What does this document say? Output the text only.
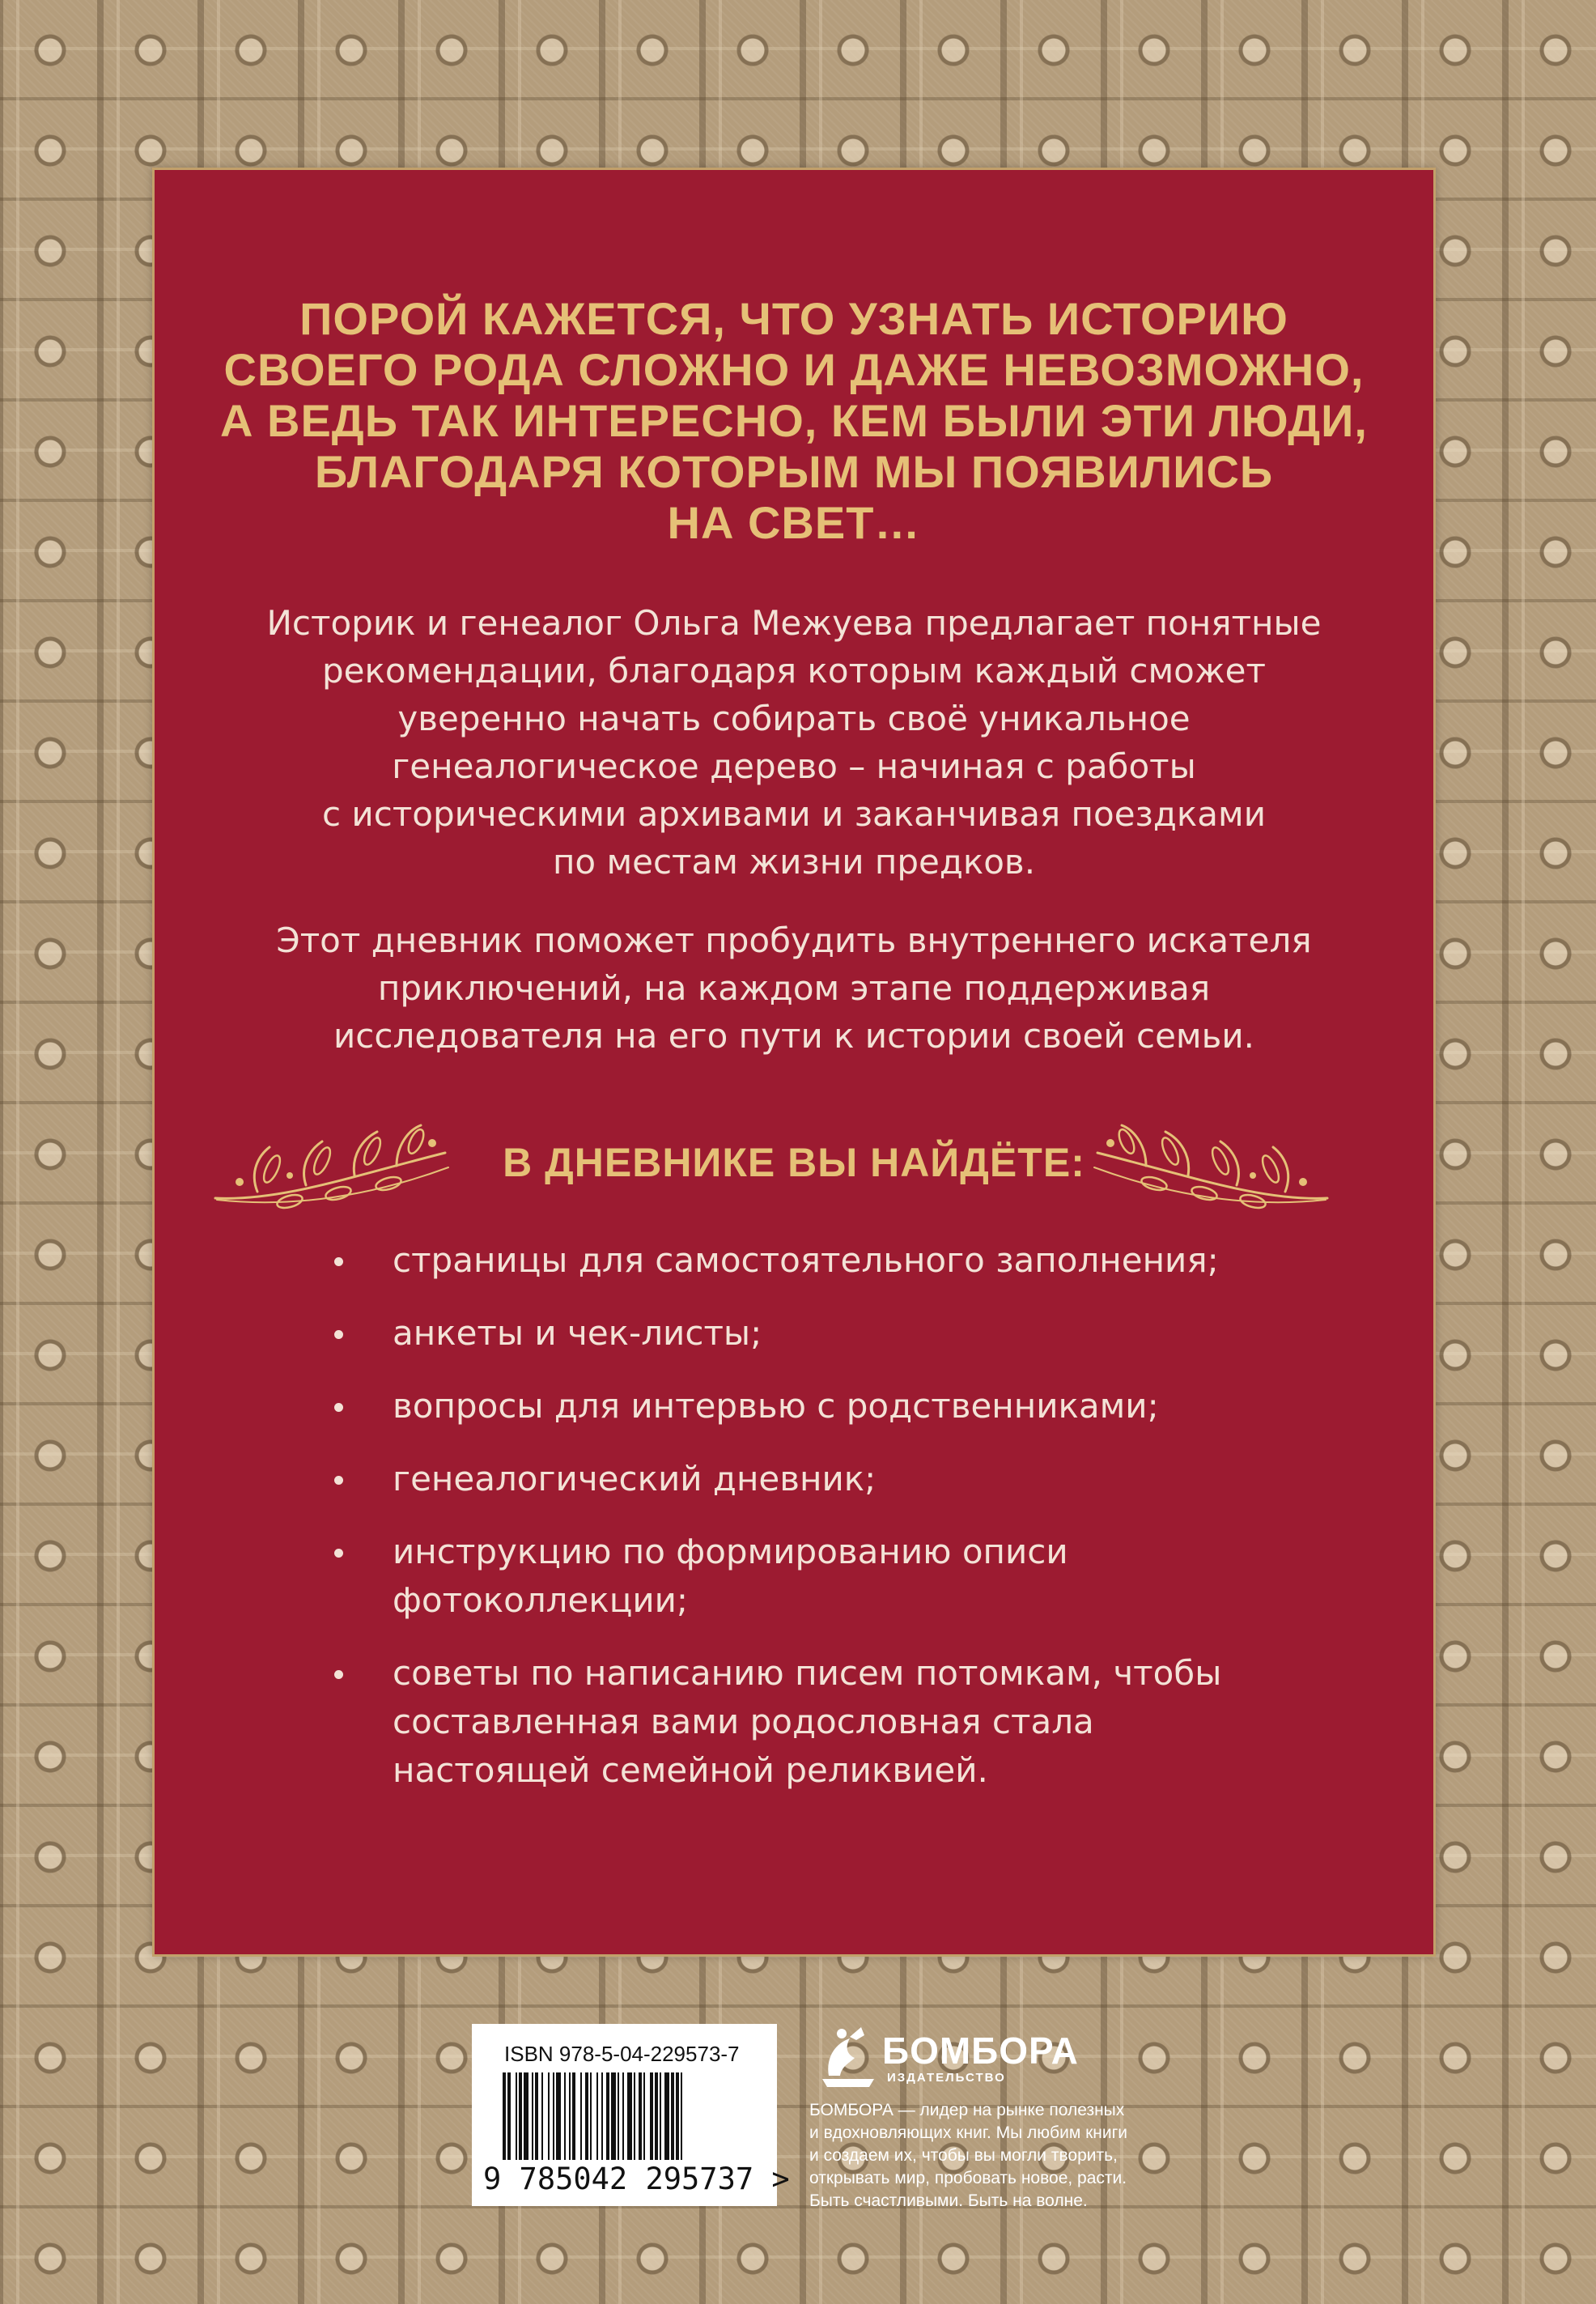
ПОРОЙ КАЖЕТСЯ, ЧТО УЗНАТЬ ИСТОРИЮ
СВОЕГО РОДА СЛОЖНО И ДАЖЕ НЕВОЗМОЖНО,
А ВЕДЬ ТАК ИНТЕРЕСНО, КЕМ БЫЛИ ЭТИ ЛЮДИ,
БЛАГОДАРЯ КОТОРЫМ МЫ ПОЯВИЛИСЬ
НА СВЕТ…
Историк и генеалог Ольга Межуева предлагает понятные
рекомендации, благодаря которым каждый сможет
уверенно начать собирать своё уникальное
генеалогическое дерево – начиная с работы
с историческими архивами и заканчивая поездками
по местам жизни предков.
Этот дневник поможет пробудить внутреннего искателя
приключений, на каждом этапе поддерживая
исследователя на его пути к истории своей семьи.
В ДНЕВНИКЕ ВЫ НАЙДЁТЕ:
страницы для самостоятельного заполнения;
анкеты и чек-листы;
вопросы для интервью с родственниками;
генеалогический дневник;
инструкцию по формированию описи
фотоколлекции;
советы по написанию писем потомкам, чтобы
составленная вами родословная стала
настоящей семейной реликвией.
ISBN 978-5-04-229573-7
9 785042 295737 >
БОМБОРА
ИЗДАТЕЛЬСТВО
БОМБОРА — лидер на рынке полезных
и вдохновляющих книг. Мы любим книги
и создаем их, чтобы вы могли творить,
открывать мир, пробовать новое, расти.
Быть счастливыми. Быть на волне.
